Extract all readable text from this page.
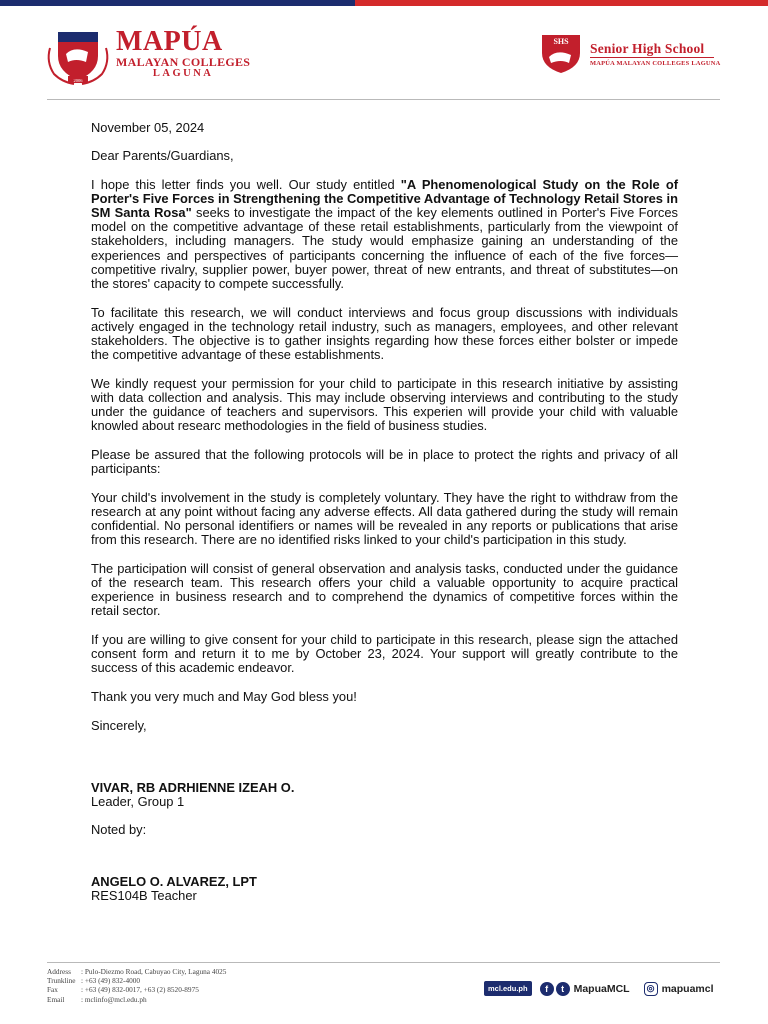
2006
MAPÚA
MALAYAN COLLEGES
LAGUNA
SHS Senior High School
MAPÚA MALAYAN COLLEGES LAGUNA

November 05, 2024

Dear Parents/Guardians,

I hope this letter finds you well. Our study entitled "A Phenomenological Study on the Role of Porter's Five Forces in Strengthening the Competitive Advantage of Technology Retail Stores in SM Santa Rosa" seeks to investigate the impact of the key elements outlined in Porter's Five Forces model on the competitive advantage of these retail establishments, particularly from the viewpoint of stakeholders, including managers. The study would emphasize gaining an understanding of the experiences and perspectives of participants concerning the influence of each of the five forces—competitive rivalry, supplier power, buyer power, threat of new entrants, and threat of substitutes—on the stores' capacity to compete successfully.

To facilitate this research, we will conduct interviews and focus group discussions with individuals actively engaged in the technology retail industry, such as managers, employees, and other relevant stakeholders. The objective is to gather insights regarding how these forces either bolster or impede the competitive advantage of these establishments.

We kindly request your permission for your child to participate in this research initiative by assisting with data collection and analysis. This may include observing interviews and contributing to the study under the guidance of teachers and supervisors. This experien will provide your child with valuable knowled about researc methodologies in the field of business studies.

Please be assured that the following protocols will be in place to protect the rights and privacy of all participants:

Your child's involvement in the study is completely voluntary. They have the right to withdraw from the research at any point without facing any adverse effects. All data gathered during the study will remain confidential. No personal identifiers or names will be revealed in any reports or publications that arise from this research. There are no identified risks linked to your child's participation in this study.

The participation will consist of general observation and analysis tasks, conducted under the guidance of the research team. This research offers your child a valuable opportunity to acquire practical experience in business research and to comprehend the dynamics of competitive forces within the retail sector.

If you are willing to give consent for your child to participate in this research, please sign the attached consent form and return it to me by October 23, 2024. Your support will greatly contribute to the success of this academic endeavor.

Thank you very much and May God bless you!

Sincerely,

VIVAR, RB ADRHIENNE IZEAH O.
Leader, Group 1

Noted by:

ANGELO O. ALVAREZ, LPT
RES104B Teacher
Address	: Pulo-Diezmo Road, Cabuyao City, Laguna 4025
Trunkline : +63 (49) 832-4000
Fax	: +63 (49) 832-0017, +63 (2) 8520-8975
Email	: mclinfo@mcl.edu.ph
mcl.edu.ph	f	t MapuaMCL	◎ mapuamcl
